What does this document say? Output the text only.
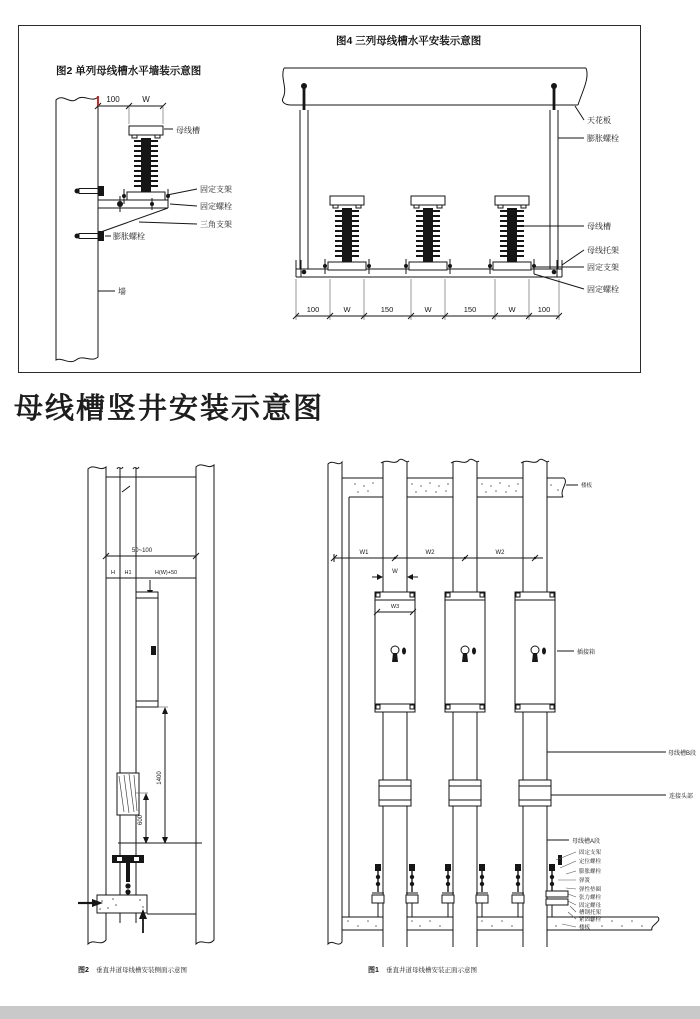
图2 单列母线槽水平墙装示意图
100	W
母线槽
固定支架
固定螺栓
三角支架
膨胀螺栓
墙
图4 三列母线槽水平安装示意图
100	W	150	W	150	W	100
天花板
膨胀螺栓
母线槽
母线托架
固定支架
固定螺栓
母线槽竖井安装示意图
50~100
H H1	H(W)+50
1400
600
图2 垂直井道母线槽安装侧面示意图
楼板
W1	W2	W2
W
W3
插接箱
母线槽B段
连接头部
母线槽A段
固定支架
定位螺栓
膨胀螺栓
弹簧
弹性垫圈
张力螺栓
固定螺母
槽钢托架
紧固螺栓
楼板
图1 垂直井道母线槽安装正面示意图
